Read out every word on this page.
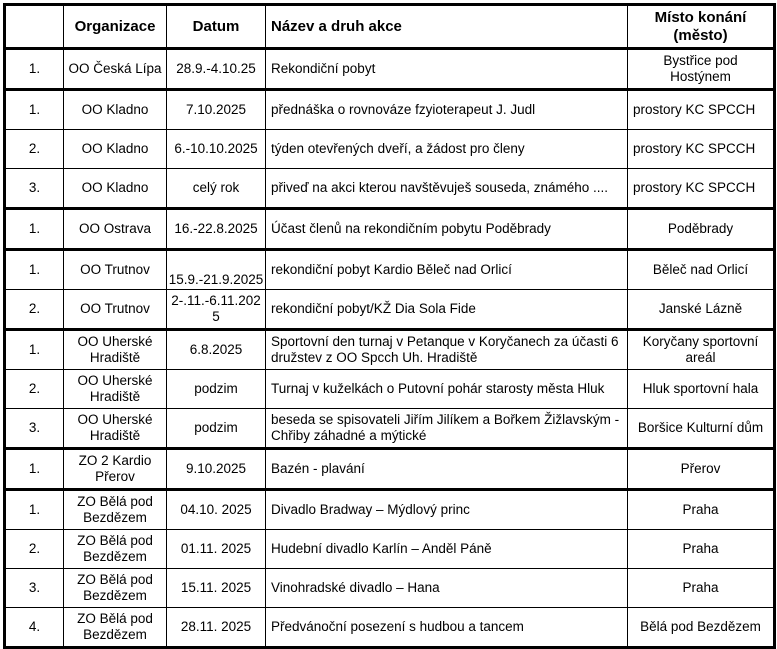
	Organizace	Datum	Název a druh akce	Místo konání (město)
1.	OO Česká Lípa	28.9.-4.10.25	Rekondiční pobyt	Bystřice pod Hostýnem
1.	OO Kladno	7.10.2025	přednáška o rovnováze fzyioterapeut J. Judl	prostory KC SPCCH
2.	OO Kladno	6.-10.10.2025	týden otevřených dveří, a žádost pro členy	prostory KC SPCCH
3.	OO Kladno	celý rok	přiveď na akci kterou navštěvuješ souseda, známého ....	prostory KC SPCCH
1.	OO Ostrava	16.-22.8.2025	Účast členů na rekondičním pobytu Poděbrady	Poděbrady
1.	OO Trutnov	15.9.-21.9.2025	rekondiční pobyt Kardio Běleč nad Orlicí	Běleč nad Orlicí
2.	OO Trutnov	2-.11.-6.11.2025	rekondiční pobyt/KŽ Dia Sola Fide	Janské Lázně
1.	OO Uherské Hradiště	6.8.2025	Sportovní den turnaj v Petanque v Koryčanech za účasti 6 družstev z OO Spcch Uh. Hradiště	Koryčany sportovní areál
2.	OO Uherské Hradiště	podzim	Turnaj v kuželkách o Putovní pohár starosty města Hluk	Hluk sportovní hala
3.	OO Uherské Hradiště	podzim	beseda se spisovateli Jiřím Jilíkem a Bořkem Žižlavským - Chřiby záhadné a mýtické	Boršice Kulturní dům
1.	ZO 2 Kardio Přerov	9.10.2025	Bazén - plavání	Přerov
1.	ZO Bělá pod Bezdězem	04.10. 2025	Divadlo Bradway – Mýdlový princ	Praha
2.	ZO Bělá pod Bezdězem	01.11. 2025	Hudební divadlo Karlín – Anděl Páně	Praha
3.	ZO Bělá pod Bezdězem	15.11. 2025	Vinohradské divadlo – Hana	Praha
4.	ZO Bělá pod Bezdězem	28.11. 2025	Předvánoční posezení s hudbou a tancem	Bělá pod Bezdězem
